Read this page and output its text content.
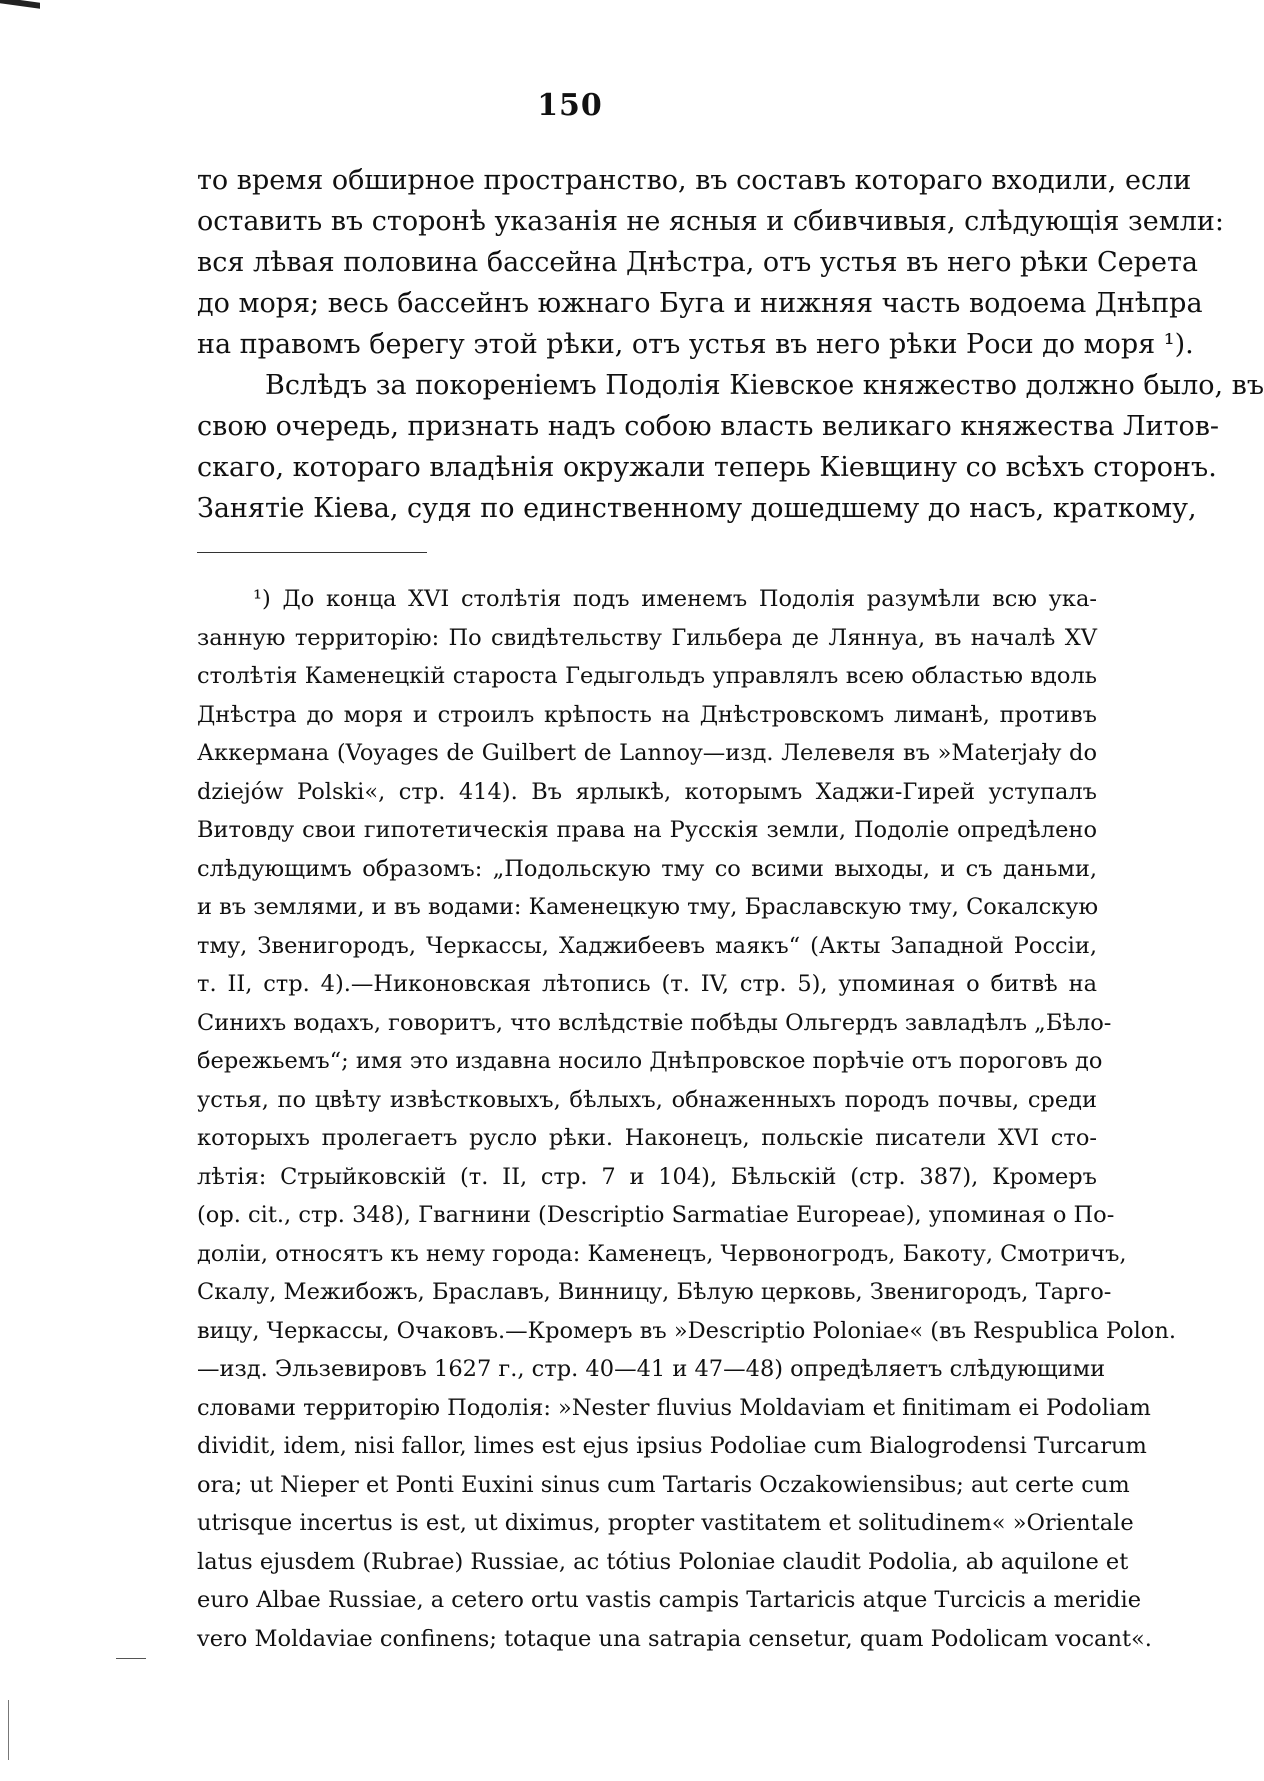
150
то время обширное пространство, въ составъ котораго входили, если
оставить въ сторонѣ указанія не ясныя и сбивчивыя, слѣдующія земли:
вся лѣвая половина бассейна Днѣстра, отъ устья въ него рѣки Серета
до моря; весь бассейнъ южнаго Буга и нижняя часть водоема Днѣпра
на правомъ берегу этой рѣки, отъ устья въ него рѣки Роси до моря ¹).
Вслѣдъ за покореніемъ Подолія Кіевское княжество должно было, въ
свою очередь, признать надъ собою власть великаго княжества Литов-
скаго, котораго владѣнія окружали теперь Кіевщину со всѣхъ сторонъ.
Занятіе Кіева, судя по единственному дошедшему до насъ, краткому,
¹) До конца XVI столѣтія подъ именемъ Подолія разумѣли всю ука-
занную территорію: По свидѣтельству Гильбера де Ляннуа, въ началѣ XV
столѣтія Каменецкій староста Гедыгольдъ управлялъ всею областью вдоль
Днѣстра до моря и строилъ крѣпость на Днѣстровскомъ лиманѣ, противъ
Аккермана (Voyages de Guilbert de Lannoy—изд. Лелевеля въ »Materjały do
dziejów Polski«, стр. 414). Въ ярлыкѣ, которымъ Хаджи-Гирей уступалъ
Витовду свои гипотетическія права на Русскія земли, Подоліе опредѣлено
слѣдующимъ образомъ: „Подольскую тму со всими выходы, и съ даньми,
и въ землями, и въ водами: Каменецкую тму, Браславскую тму, Сокалскую
тму, Звенигородъ, Черкассы, Хаджибеевъ маякъ“ (Акты Западной Россіи,
т. II, стр. 4).—Никоновская лѣтопись (т. IV, стр. 5), упоминая о битвѣ на
Синихъ водахъ, говоритъ, что вслѣдствіе побѣды Ольгердъ завладѣлъ „Бѣло-
бережьемъ“; имя это издавна носило Днѣпровское порѣчіе отъ пороговъ до
устья, по цвѣту извѣстковыхъ, бѣлыхъ, обнаженныхъ породъ почвы, среди
которыхъ пролегаетъ русло рѣки. Наконецъ, польскіе писатели XVI сто-
лѣтія: Стрыйковскій (т. II, стр. 7 и 104), Бѣльскій (стр. 387), Кромеръ
(op. cit., стр. 348), Гвагнини (Descriptio Sarmatiae Europeae), упоминая о По-
доліи, относятъ къ нему города: Каменецъ, Червоногродъ, Бакоту, Смотричъ,
Скалу, Межибожъ, Браславъ, Винницу, Бѣлую церковь, Звенигородъ, Тарго-
вицу, Черкассы, Очаковъ.—Кромеръ въ »Descriptio Poloniae« (въ Respublica Polon.
—изд. Эльзевировъ 1627 г., стр. 40—41 и 47—48) опредѣляетъ слѣдующими
словами территорію Подолія: »Nester fluvius Moldaviam et finitimam ei Podoliam
dividit, idem, nisi fallor, limes est ejus ipsius Podoliae cum Bialogrodensi Turcarum
ora; ut Nieper et Ponti Euxini sinus cum Tartaris Oczakowiensibus; aut certe cum
utrisque incertus is est, ut diximus, propter vastitatem et solitudinem« »Orientale
latus ejusdem (Rubrae) Russiae, ac tótius Poloniae claudit Podolia, ab aquilone et
euro Albae Russiae, a cetero ortu vastis campis Tartaricis atque Turcicis a meridie
vero Moldaviae confinens; totaque una satrapia censetur, quam Podolicam vocant«.
